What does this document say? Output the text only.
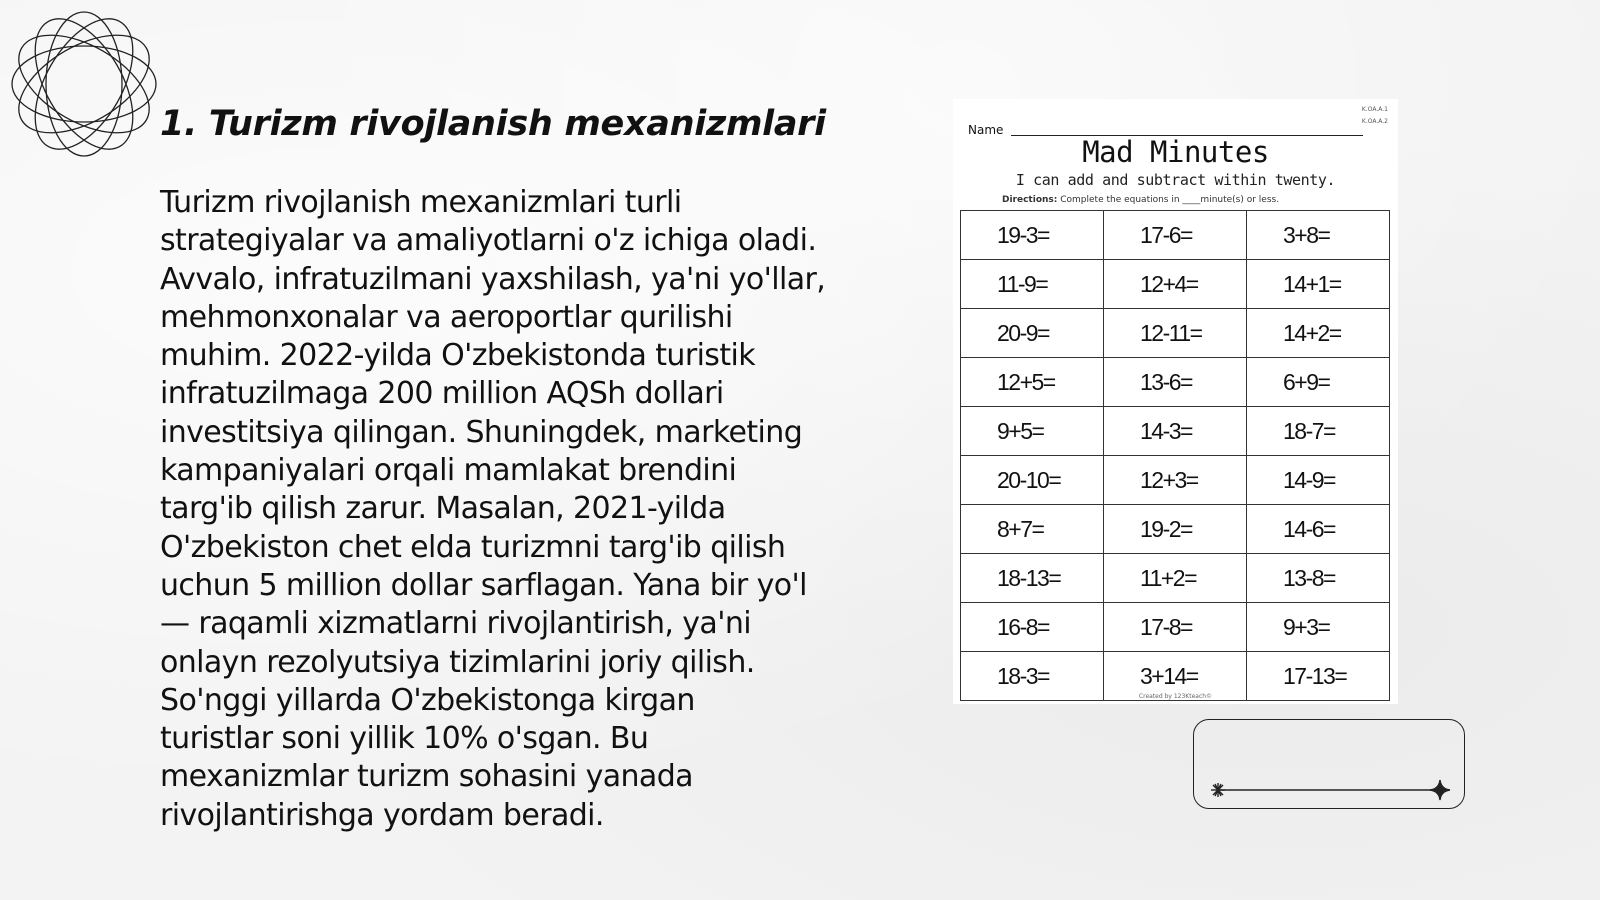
1. Turizm rivojlanish mexanizmlari
Turizm rivojlanish mexanizmlari turli
strategiyalar va amaliyotlarni o'z ichiga oladi.
Avvalo, infratuzilmani yaxshilash, ya'ni yo'llar,
mehmonxonalar va aeroportlar qurilishi
muhim. 2022-yilda O'zbekistonda turistik
infratuzilmaga 200 million AQSh dollari
investitsiya qilingan. Shuningdek, marketing
kampaniyalari orqali mamlakat brendini
targ'ib qilish zarur. Masalan, 2021-yilda
O'zbekiston chet elda turizmni targ'ib qilish
uchun 5 million dollar sarflagan. Yana bir yo'l
— raqamli xizmatlarni rivojlantirish, ya'ni
onlayn rezolyutsiya tizimlarini joriy qilish.
So'nggi yillarda O'zbekistonga kirgan
turistlar soni yillik 10% o'sgan. Bu
mexanizmlar turizm sohasini yanada
rivojlantirishga yordam beradi.
K.OA.A.1
K.OA.A.2
Name
Mad Minutes
I can add and subtract within twenty.
Directions: Complete the equations in ____minute(s) or less.
19-3=	17-6=	3+8=
11-9=	12+4=	14+1=
20-9=	12-11=	14+2=
12+5=	13-6=	6+9=
9+5=	14-3=	18-7=
20-10=	12+3=	14-9=
8+7=	19-2=	14-6=
18-13=	11+2=	13-8=
16-8=	17-8=	9+3=
18-3=	3+14=	17-13=
Created by 123Kteach©
